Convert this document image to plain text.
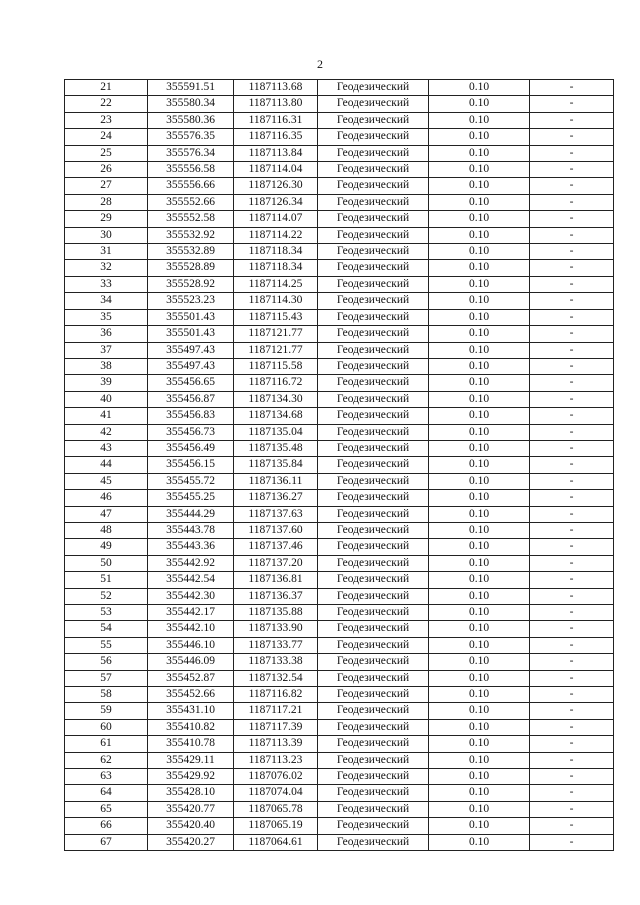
2
21	355591.51	1187113.68	Геодезический	0.10	-
22	355580.34	1187113.80	Геодезический	0.10	-
23	355580.36	1187116.31	Геодезический	0.10	-
24	355576.35	1187116.35	Геодезический	0.10	-
25	355576.34	1187113.84	Геодезический	0.10	-
26	355556.58	1187114.04	Геодезический	0.10	-
27	355556.66	1187126.30	Геодезический	0.10	-
28	355552.66	1187126.34	Геодезический	0.10	-
29	355552.58	1187114.07	Геодезический	0.10	-
30	355532.92	1187114.22	Геодезический	0.10	-
31	355532.89	1187118.34	Геодезический	0.10	-
32	355528.89	1187118.34	Геодезический	0.10	-
33	355528.92	1187114.25	Геодезический	0.10	-
34	355523.23	1187114.30	Геодезический	0.10	-
35	355501.43	1187115.43	Геодезический	0.10	-
36	355501.43	1187121.77	Геодезический	0.10	-
37	355497.43	1187121.77	Геодезический	0.10	-
38	355497.43	1187115.58	Геодезический	0.10	-
39	355456.65	1187116.72	Геодезический	0.10	-
40	355456.87	1187134.30	Геодезический	0.10	-
41	355456.83	1187134.68	Геодезический	0.10	-
42	355456.73	1187135.04	Геодезический	0.10	-
43	355456.49	1187135.48	Геодезический	0.10	-
44	355456.15	1187135.84	Геодезический	0.10	-
45	355455.72	1187136.11	Геодезический	0.10	-
46	355455.25	1187136.27	Геодезический	0.10	-
47	355444.29	1187137.63	Геодезический	0.10	-
48	355443.78	1187137.60	Геодезический	0.10	-
49	355443.36	1187137.46	Геодезический	0.10	-
50	355442.92	1187137.20	Геодезический	0.10	-
51	355442.54	1187136.81	Геодезический	0.10	-
52	355442.30	1187136.37	Геодезический	0.10	-
53	355442.17	1187135.88	Геодезический	0.10	-
54	355442.10	1187133.90	Геодезический	0.10	-
55	355446.10	1187133.77	Геодезический	0.10	-
56	355446.09	1187133.38	Геодезический	0.10	-
57	355452.87	1187132.54	Геодезический	0.10	-
58	355452.66	1187116.82	Геодезический	0.10	-
59	355431.10	1187117.21	Геодезический	0.10	-
60	355410.82	1187117.39	Геодезический	0.10	-
61	355410.78	1187113.39	Геодезический	0.10	-
62	355429.11	1187113.23	Геодезический	0.10	-
63	355429.92	1187076.02	Геодезический	0.10	-
64	355428.10	1187074.04	Геодезический	0.10	-
65	355420.77	1187065.78	Геодезический	0.10	-
66	355420.40	1187065.19	Геодезический	0.10	-
67	355420.27	1187064.61	Геодезический	0.10	-
